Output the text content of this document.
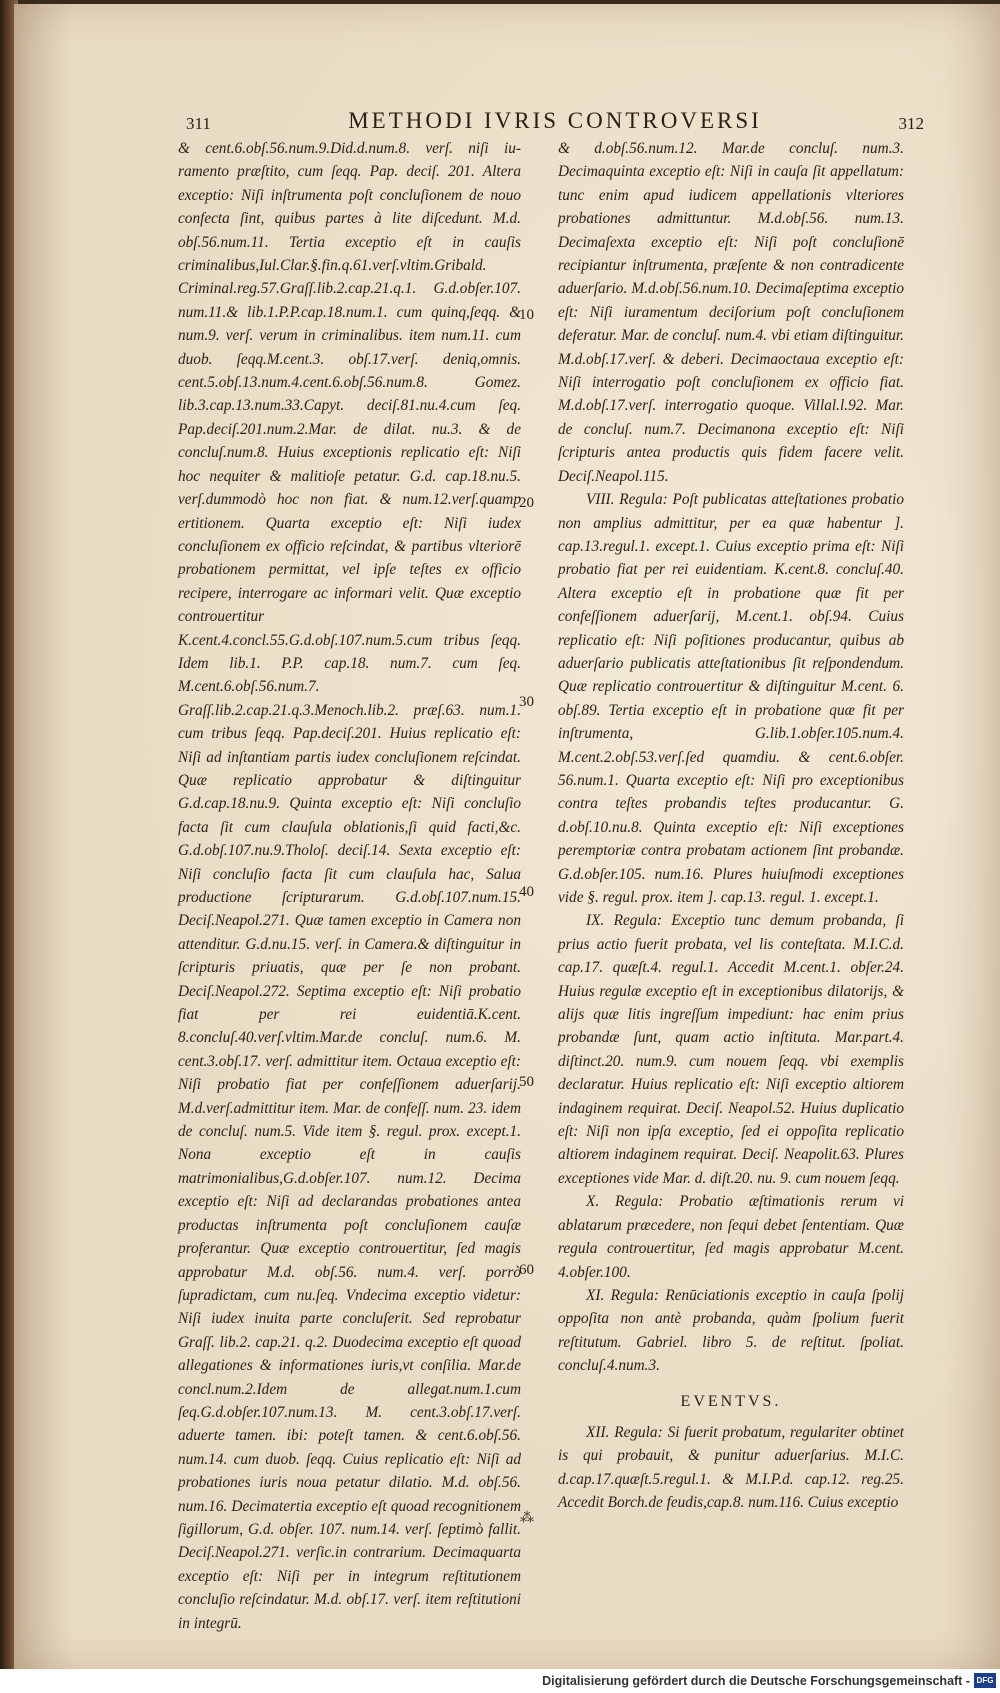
311	METHODI IVRIS CONTROVERSI	312

& cent.6.obſ.56.num.9.Did.d.num.8. verſ. niſi iu-ramento præſtito, cum ſeqq. Pap. deciſ. 201. Altera exceptio: Niſi inſtrumenta poſt concluſionem de nouo confecta ſint, quibus partes à lite diſcedunt. M.d. obſ.56.num.11. Tertia exceptio eſt in cauſis criminalibus,Iul.Clar.§.fin.q.61.verſ.vltim.Gribald. Criminal.reg.57.Graſſ.lib.2.cap.21.q.1. G.d.obſer.107. num.11.& lib.1.P.P.cap.18.num.1. cum quinq,ſeqq. & num.9. verſ. verum in criminalibus. item num.11. cum duob. ſeqq.M.cent.3. obſ.17.verſ. deniq,omnis. cent.5.obſ.13.num.4.cent.6.obſ.56.num.8. Gomez. lib.3.cap.13.num.33.Capyt. deciſ.81.nu.4.cum ſeq. Pap.deciſ.201.num.2.Mar. de dilat. nu.3. & de concluſ.num.8. Huius exceptionis replicatio eſt: Niſi hoc nequiter & malitioſe petatur. G.d. cap.18.nu.5. verſ.dummodò hoc non fiat. & num.12.verſ.quamp ertitionem. Quarta exceptio eſt: Niſi iudex concluſionem ex officio reſcindat, & partibus vlteriorē probationem permittat, vel ipſe teſtes ex officio recipere, interrogare ac informari velit. Quæ exceptio controuertitur K.cent.4.concl.55.G.d.obſ.107.num.5.cum tribus ſeqq. Idem lib.1. P.P. cap.18. num.7. cum ſeq. M.cent.6.obſ.56.num.7. Graſſ.lib.2.cap.21.q.3.Menoch.lib.2. præſ.63. num.1. cum tribus ſeqq. Pap.deciſ.201. Huius replicatio eſt: Niſi ad inſtantiam partis iudex concluſionem reſcindat. Quæ replicatio approbatur & diſtinguitur G.d.cap.18.nu.9. Quinta exceptio eſt: Niſi concluſio facta ſit cum clauſula oblationis,ſi quid facti,&c. G.d.obſ.107.nu.9.Tholoſ. deciſ.14. Sexta exceptio eſt: Niſi concluſio facta ſit cum clauſula hac, Salua productione ſcripturarum. G.d.obſ.107.num.15. Deciſ.Neapol.271. Quæ tamen exceptio in Camera non attenditur. G.d.nu.15. verſ. in Camera.& diſtinguitur in ſcripturis priuatis, quæ per ſe non probant. Deciſ.Neapol.272. Septima exceptio eſt: Niſi probatio fiat per rei euidentiā.K.cent. 8.concluſ.40.verſ.vltim.Mar.de concluſ. num.6. M. cent.3.obſ.17. verſ. admittitur item. Octaua exceptio eſt: Niſi probatio fiat per confeſſionem aduerſarij. M.d.verſ.admittitur item. Mar. de confeſſ. num. 23. idem de concluſ. num.5. Vide item §. regul. prox. except.1. Nona exceptio eſt in cauſis matrimonialibus,G.d.obſer.107. num.12. Decima exceptio eſt: Niſi ad declarandas probationes antea productas inſtrumenta poſt concluſionem cauſæ proferantur. Quæ exceptio controuertitur, ſed magis approbatur M.d. obſ.56. num.4. verſ. porrò ſupradictam, cum nu.ſeq. Vndecima exceptio videtur: Niſi iudex inuita parte concluſerit. Sed reprobatur Graſſ. lib.2. cap.21. q.2. Duodecima exceptio eſt quoad allegationes & informationes iuris,vt conſilia. Mar.de concl.num.2.Idem de allegat.num.1.cum ſeq.G.d.obſer.107.num.13. M. cent.3.obſ.17.verſ. aduerte tamen. ibi: poteſt tamen. & cent.6.obſ.56. num.14. cum duob. ſeqq. Cuius replicatio eſt: Niſi ad probationes iuris noua petatur dilatio. M.d. obſ.56. num.16. Decimatertia exceptio eſt quoad recognitionem ſigillorum, G.d. obſer. 107. num.14. verſ. ſeptimò fallit. Deciſ.Neapol.271. verſic.in contrarium. Decimaquarta exceptio eſt: Niſi per in integrum reſtitutionem concluſio reſcindatur. M.d. obſ.17. verſ. item reſtitutioni in integrū.

10
20
30
40
50
60

& d.obſ.56.num.12. Mar.de concluſ. num.3. Decimaquinta exceptio eſt: Niſi in cauſa ſit appellatum: tunc enim apud iudicem appellationis vlteriores probationes admittuntur. M.d.obſ.56. num.13. Decimaſexta exceptio eſt: Niſi poſt concluſionē recipiantur inſtrumenta, præſente & non contradicente aduerſario. M.d.obſ.56.num.10. Decimaſeptima exceptio eſt: Niſi iuramentum deciſorium poſt concluſionem deferatur. Mar. de concluſ. num.4. vbi etiam diſtinguitur. M.d.obſ.17.verſ. & deberi. Decimaoctaua exceptio eſt: Niſi interrogatio poſt concluſionem ex officio fiat. M.d.obſ.17.verſ. interrogatio quoque. Villal.l.92. Mar. de concluſ. num.7. Decimanona exceptio eſt: Niſi ſcripturis antea productis quis fidem facere velit. Deciſ.Neapol.115.

VIII. Regula: Poſt publicatas atteſtationes probatio non amplius admittitur, per ea quæ habentur ]. cap.13.regul.1. except.1. Cuius exceptio prima eſt: Niſi probatio fiat per rei euidentiam. K.cent.8. concluſ.40. Altera exceptio eſt in probatione quæ fit per confeſſionem aduerſarij, M.cent.1. obſ.94. Cuius replicatio eſt: Niſi poſitiones producantur, quibus ab aduerſario publicatis atteſtationibus ſit reſpondendum. Quæ replicatio controuertitur & diſtinguitur M.cent. 6. obſ.89. Tertia exceptio eſt in probatione quæ fit per inſtrumenta, G.lib.1.obſer.105.num.4. M.cent.2.obſ.53.verſ.ſed quamdiu. & cent.6.obſer. 56.num.1. Quarta exceptio eſt: Niſi pro exceptionibus contra teſtes probandis teſtes producantur. G. d.obſ.10.nu.8. Quinta exceptio eſt: Niſi exceptiones peremptoriæ contra probatam actionem ſint probandæ. G.d.obſer.105. num.16. Plures huiuſmodi exceptiones vide §. regul. prox. item ]. cap.13. regul. 1. except.1.

IX. Regula: Exceptio tunc demum probanda, ſi prius actio fuerit probata, vel lis conteſtata. M.I.C.d. cap.17. quæſt.4. regul.1. Accedit M.cent.1. obſer.24. Huius regulæ exceptio eſt in exceptionibus dilatorijs, & alijs quæ litis ingreſſum impediunt: hac enim prius probandæ ſunt, quam actio inſtituta. Mar.part.4. diſtinct.20. num.9. cum nouem ſeqq. vbi exemplis declaratur. Huius replicatio eſt: Niſi exceptio altiorem indaginem requirat. Deciſ. Neapol.52. Huius duplicatio eſt: Niſi non ipſa exceptio, ſed ei oppoſita replicatio altiorem indaginem requirat. Deciſ. Neapolit.63. Plures exceptiones vide Mar. d. diſt.20. nu. 9. cum nouem ſeqq.

X. Regula: Probatio æſtimationis rerum vi ablatarum præcedere, non ſequi debet ſententiam. Quæ regula controuertitur, ſed magis approbatur M.cent. 4.obſer.100.

XI. Regula: Renūciationis exceptio in cauſa ſpolij oppoſita non antè probanda, quàm ſpolium fuerit reſtitutum. Gabriel. libro 5. de reſtitut. ſpoliat. concluſ.4.num.3.

EVENTVS.

XII. Regula: Si fuerit probatum, regulariter obtinet is qui probauit, & punitur aduerſarius. M.I.C. d.cap.17.quæſt.5.regul.1. & M.I.P.d. cap.12. reg.25. Accedit Borch.de feudis,cap.8. num.116. Cuius exceptio

⁂
Digitalisierung gefördert durch die Deutsche Forschungsgemeinschaft - DFG
